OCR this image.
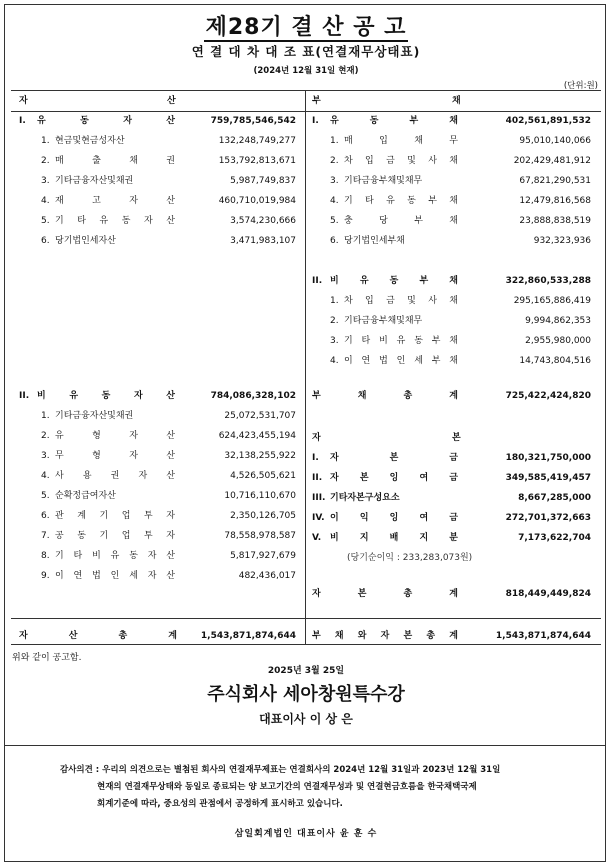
제28기 결 산 공 고
연 결 대 차 대 조 표(연결재무상태표)
(2024년 12월 31일 현재)
(단위:원)
자	산	부	채
I. 유 동 자 산	759,785,546,542
1. 현금및현금성자산	132,248,749,277
2. 매 출 채 권	153,792,813,671
3. 기타금융자산및채권	5,987,749,837
4. 재 고 자 산	460,710,019,984
5. 기 타 유 동 자 산	3,574,230,666
6. 당기법인세자산	3,471,983,107
II. 비 유 동 자 산	784,086,328,102
1. 기타금융자산및채권	25,072,531,707
2. 유 형 자 산	624,423,455,194
3. 무 형 자 산	32,138,255,922
4. 사 용 권 자 산	4,526,505,621
5. 순확정급여자산	10,716,110,670
6. 관 계 기 업 투 자	2,350,126,705
7. 공 동 기 업 투 자	78,558,978,587
8. 기 타 비 유 동 자 산	5,817,927,679
9. 이 연 법 인 세 자 산	482,436,017
자 산 총 계	1,543,871,874,644
I. 유 동 부 채	402,561,891,532
1. 매 입 채 무	95,010,140,066
2. 차 입 금 및 사 채	202,429,481,912
3. 기타금융부채및채무	67,821,290,531
4. 기 타 유 동 부 채	12,479,816,568
5. 충 당 부 채	23,888,838,519
6. 당기법인세부채	932,323,936
II. 비 유 동 부 채	322,860,533,288
1. 차 입 금 및 사 채	295,165,886,419
2. 기타금융부채및채무	9,994,862,353
3. 기 타 비 유 동 부 채	2,955,980,000
4. 이 연 법 인 세 부 채	14,743,804,516
부 채 총 계	725,422,424,820
자	본
I. 자 본 금	180,321,750,000
II. 자 본 잉 여 금	349,585,419,457
III. 기타자본구성요소	8,667,285,000
IV. 이 익 잉 여 금	272,701,372,663
V. 비 지 배 지 분	7,173,622,704
자 본 총 계	818,449,449,824
부 채 와 자 본 총 계	1,543,871,874,644
(당기순이익 : 233,283,073원)
위와 같이 공고함.
2025년 3월 25일
주식회사 세아창원특수강
대표이사 이 상 은
감사의견 : 우리의 의견으로는 별첨된 회사의 연결재무제표는 연결회사의 2024년 12월 31일과 2023년 12월 31일
현재의 연결재무상태와 동일로 종료되는 양 보고기간의 연결재무성과 및 연결현금흐름을 한국채택국제
회계기준에 따라, 중요성의 관점에서 공정하게 표시하고 있습니다.
삼일회계법인 대표이사 윤 훈 수
